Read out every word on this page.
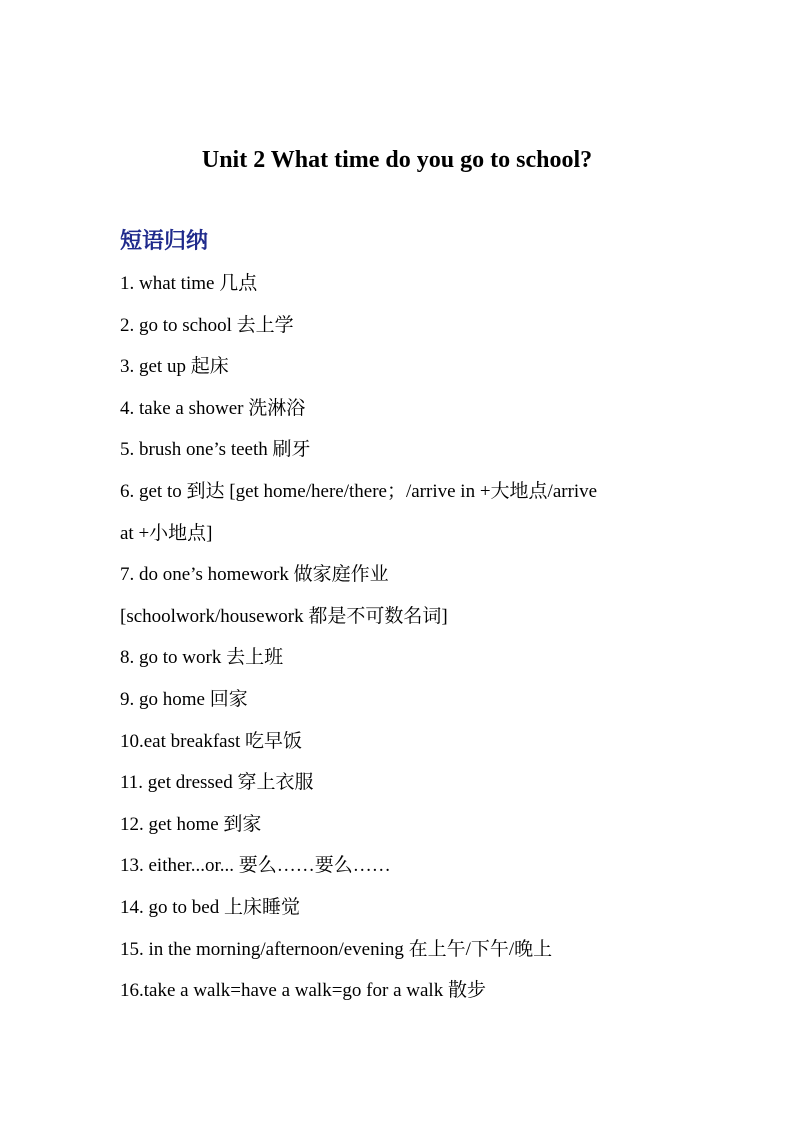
Unit 2 What time do you go to school?
短语归纳
1. what time 几点
2. go to school 去上学
3. get up 起床
4. take a shower 洗淋浴
5. brush one’s teeth 刷牙
6. get to 到达 [get home/here/there；/arrive in +大地点/arrive
at +小地点]
7. do one’s homework 做家庭作业
[schoolwork/housework 都是不可数名词]
8. go to work 去上班
9. go home 回家
10.eat breakfast 吃早饭
11. get dressed 穿上衣服
12. get home 到家
13. either...or... 要么……要么……
14. go to bed 上床睡觉
15. in the morning/afternoon/evening 在上午/下午/晚上
16.take a walk=have a walk=go for a walk 散步
